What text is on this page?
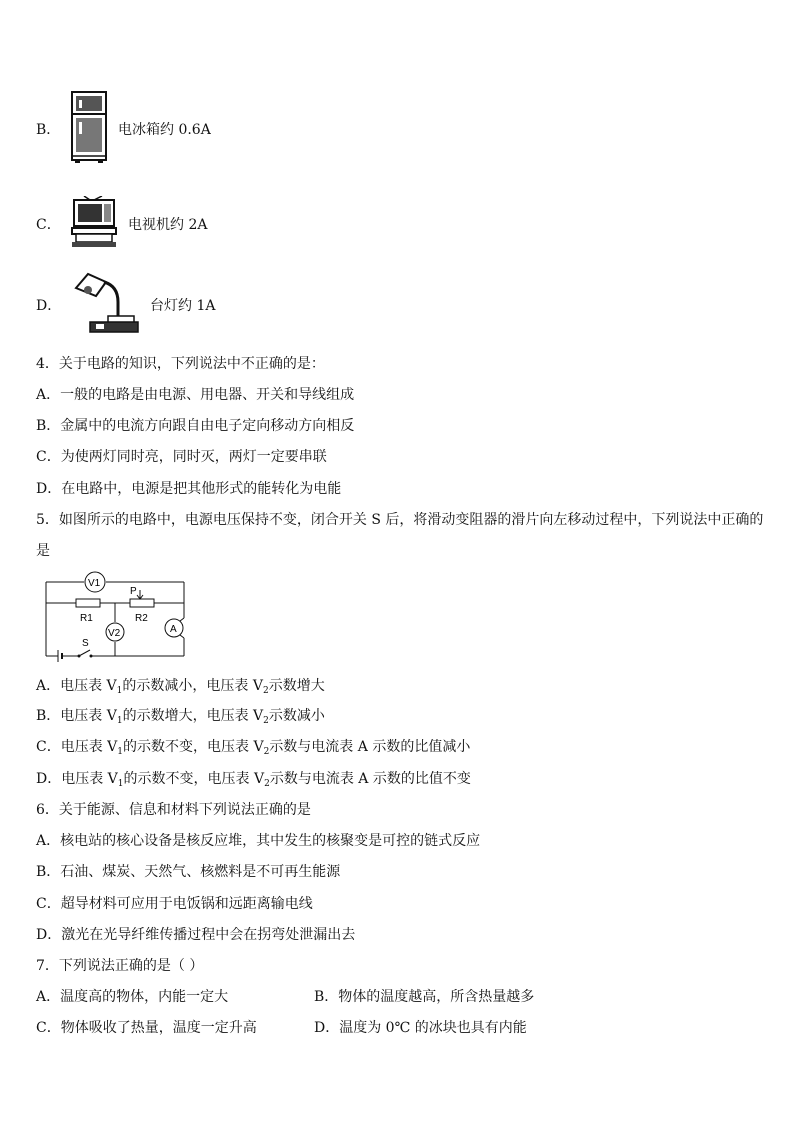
B．	电冰箱约 0.6A
C．	电视机约 2A
D．	台灯约 1A
4．关于电路的知识，下列说法中不正确的是：
A．一般的电路是由电源、用电器、开关和导线组成
B．金属中的电流方向跟自由电子定向移动方向相反
C．为使两灯同时亮，同时灭，两灯一定要串联
D．在电路中，电源是把其他形式的能转化为电能
5．如图所示的电路中，电源电压保持不变，闭合开关 S 后，将滑动变阻器的滑片向左移动过程中，下列说法中正确的
是
V1
R1	R2
P
V2	A
S
A．电压表 $V_1$的示数减小，电压表 $V_2$示数增大
B．电压表 $V_1$的示数增大，电压表 $V_2$示数减小
C．电压表 $V_1$的示数不变，电压表 $V_2$示数与电流表 A 示数的比值减小
D．电压表 $V_1$的示数不变，电压表 $V_2$示数与电流表 A 示数的比值不变
6．关于能源、信息和材料下列说法正确的是
A．核电站的核心设备是核反应堆，其中发生的核聚变是可控的链式反应
B．石油、煤炭、天然气、核燃料是不可再生能源
C．超导材料可应用于电饭锅和远距离输电线
D．激光在光导纤维传播过程中会在拐弯处泄漏出去
7．下列说法正确的是（ ）
A．温度高的物体，内能一定大	B．物体的温度越高，所含热量越多
C．物体吸收了热量，温度一定升高	D．温度为 0℃ 的冰块也具有内能
